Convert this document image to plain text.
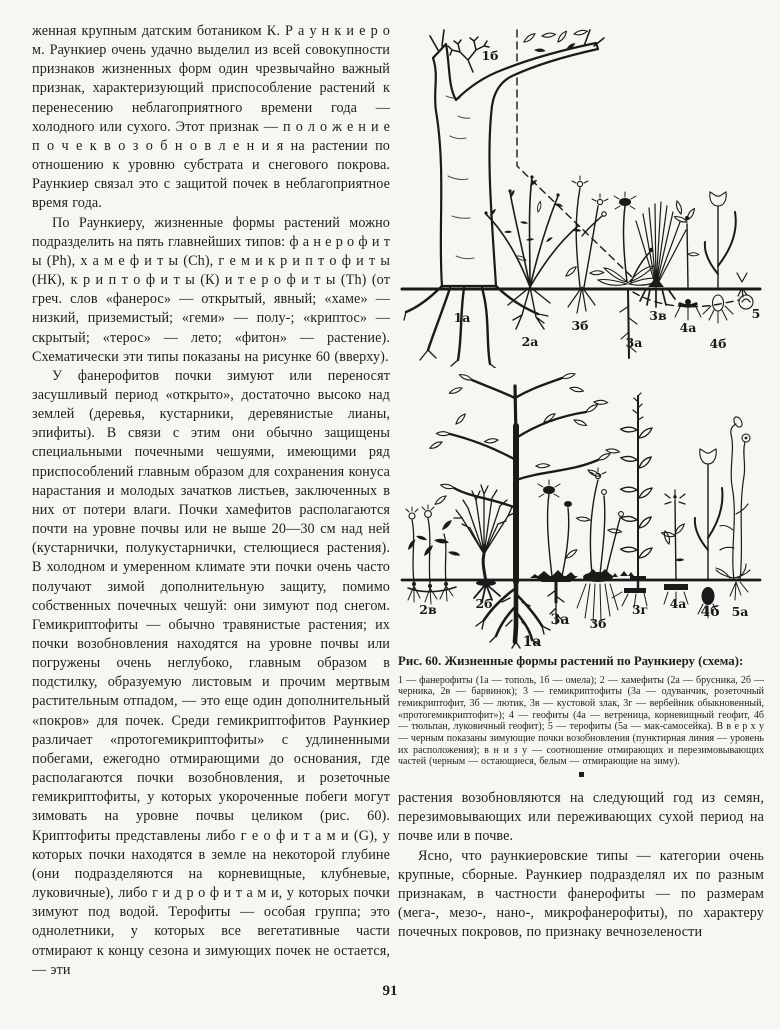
женная крупным датским ботаником К. Р а у н к и е р о м. Раункиер очень удачно выделил из всей совокупности признаков жизненных форм один чрезвычайно важный признак, характеризующий приспособление растений к перенесению неблагоприятного времени года — холодного или сухого. Этот признак — п о л о ж е н и е п о ч е к в о з о б н о в л е н и я на растении по отношению к уровню субстрата и снегового покрова. Раункиер связал это с защитой почек в неблагоприятное время года.

По Раункиеру, жизненные формы растений можно подразделить на пять главнейших типов: ф а н е р о ф и т ы (Ph), х а м е ф и т ы (Ch), г е м и к р и п т о ф и т ы (НК), к р и п т о ф и т ы (К) и т е р о ф и т ы (Th) (от греч. слов «фанерос» — открытый, явный; «хаме» — низкий, приземистый; «геми» — полу-; «криптос» — скрытый; «терос» — лето; «фитон» — растение). Схематически эти типы показаны на рисунке 60 (вверху).

У фанерофитов почки зимуют или переносят засушливый период «открыто», достаточно высоко над землей (деревья, кустарники, деревянистые лианы, эпифиты). В связи с этим они обычно защищены специальными почечными чешуями, имеющими ряд приспособлений главным образом для сохранения конуса нарастания и молодых зачатков листьев, заключенных в них от потери влаги. Почки хамефитов располагаются почти на уровне почвы или не выше 20—30 см над ней (кустарнички, полукустарнички, стелющиеся растения). В холодном и умеренном климате эти почки очень часто получают зимой дополнительную защиту, помимо собственных почечных чешуй: они зимуют под снегом. Гемикриптофиты — обычно травянистые растения; их почки возобновления находятся на уровне почвы или погружены очень неглубоко, главным образом в подстилку, образуемую листовым и прочим мертвым растительным отпадом, — это еще один дополнительный «покров» для почек. Среди гемикриптофитов Раункиер различает «протогемикриптофиты» с удлиненными побегами, ежегодно отмирающими до основания, где располагаются почки возобновления, и розеточные гемикриптофиты, у которых укороченные побеги могут зимовать на уровне почвы целиком (рис. 60). Криптофиты представлены либо г е о ф и т а м и (G), у которых почки находятся в земле на некоторой глубине (они подразделяются на корневищные, клубневые, луковичные), либо г и д р о ф и т а м и, у которых почки зимуют под водой. Терофиты — особая группа; это однолетники, у которых все вегетативные части отмирают к концу сезона и зимующих почек не остается,— эти

1б
1а
2а
3б
3а
3в
4а
4б
5
2в	2б
1а
3а 3б
3г 4а
4б 5а
Рис. 60. Жизненные формы растений по Раункиеру (схема):
1 — фанерофиты (1а — тополь, 1б — омела); 2 — хамефиты (2а — брусника, 2б — черника, 2в — барвинок); 3 — гемикриптофиты (3а — одуванчик, розеточный гемикриптофит, 3б — лютик, 3в — кустовой злак, 3г — вербейник обыкновенный, «протогемикриптофит»); 4 — геофиты (4а — ветреница, корневищный геофит, 4б — тюльпан, луковичный геофит); 5 — терофиты (5а — мак-самосейка). В в е р х у — черным показаны зимующие почки возобновления (пунктирная линия — уровень их расположения); в н и з у — соотношение отмирающих и перезимовывающих частей (черным — остающиеся, белым — отмирающие на зиму).

растения возобновляются на следующий год из семян, перезимовывающих или переживающих сухой период на почве или в почве.

Ясно, что раункиеровские типы — категории очень крупные, сборные. Раункиер подразделял их по разным признакам, в частности фанерофиты — по размерам (мега-, мезо-, нано-, микрофанерофиты), по характеру почечных покровов, по признаку вечнозелености

91
